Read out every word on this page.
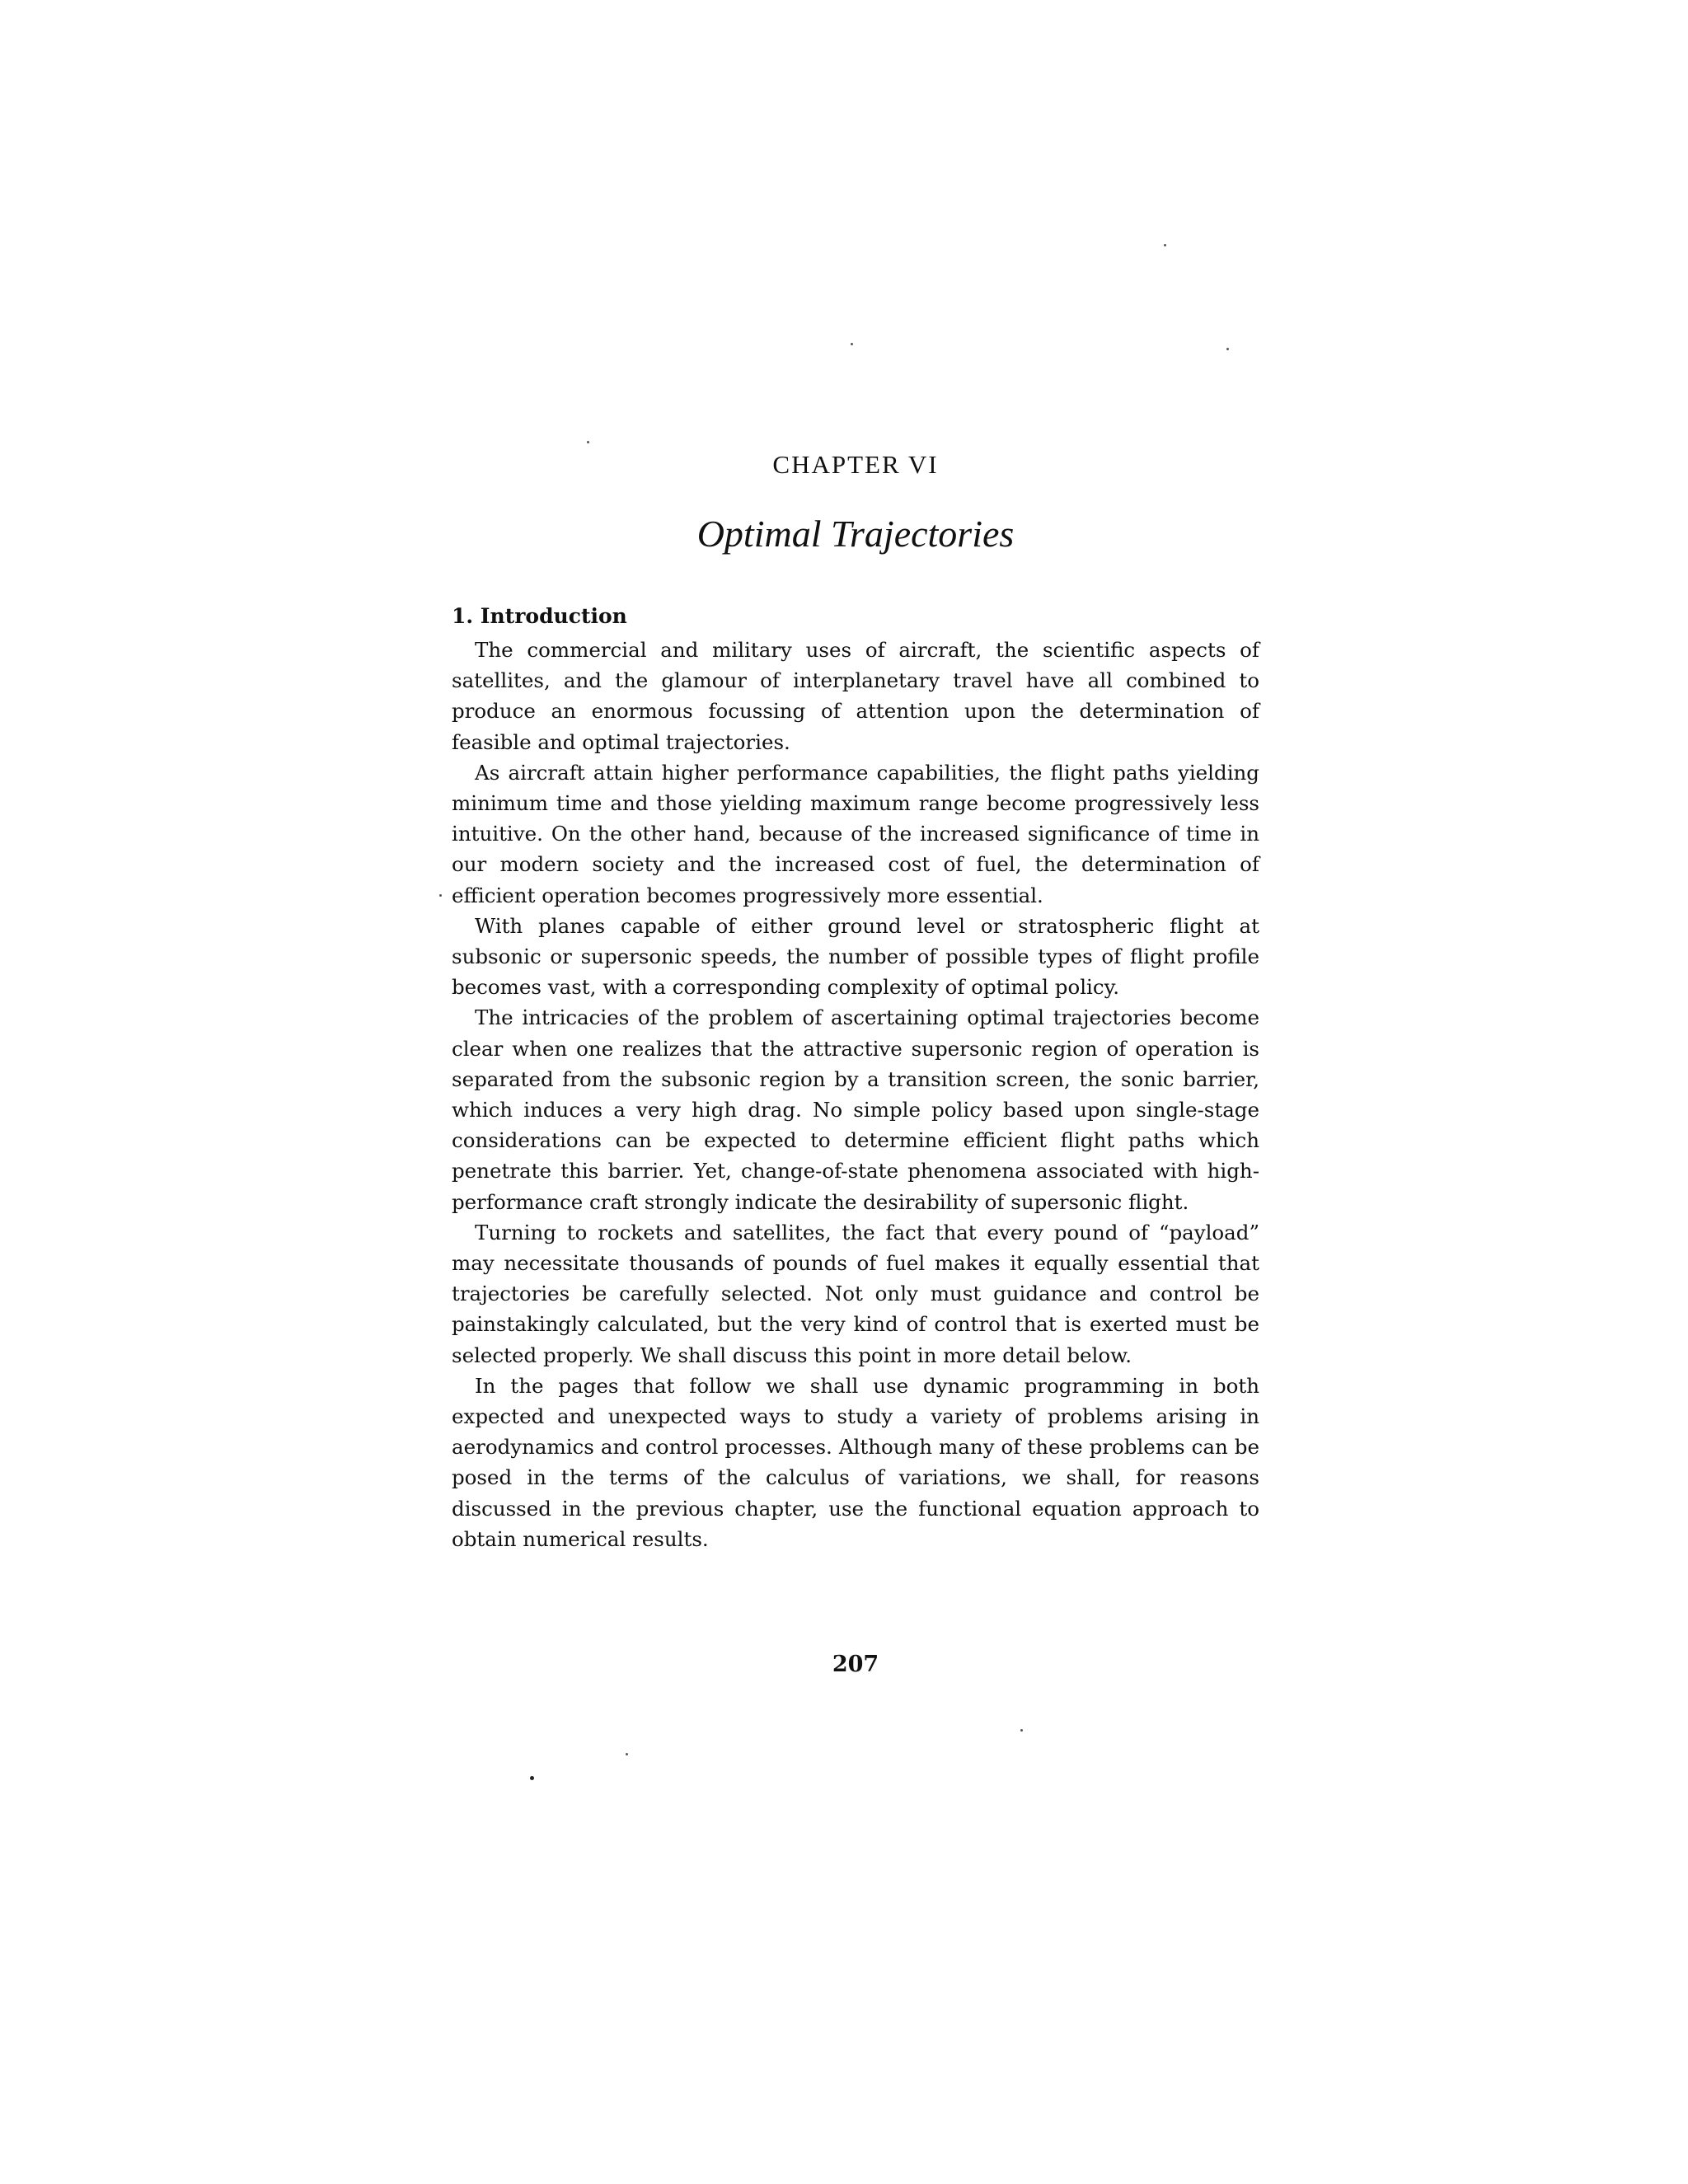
CHAPTER VI
Optimal Trajectories
1. Introduction

The commercial and military uses of aircraft, the scientific aspects of satellites, and the glamour of interplanetary travel have all combined to produce an enormous focussing of attention upon the determination of feasible and optimal trajectories.

As aircraft attain higher performance capabilities, the flight paths yielding minimum time and those yielding maximum range become progressively less intuitive. On the other hand, because of the increased significance of time in our modern society and the increased cost of fuel, the determination of efficient operation becomes progressively more essential.

With planes capable of either ground level or stratospheric flight at subsonic or supersonic speeds, the number of possible types of flight profile becomes vast, with a corresponding complexity of optimal policy.

The intricacies of the problem of ascertaining optimal trajectories become clear when one realizes that the attractive supersonic region of operation is separated from the subsonic region by a transition screen, the sonic barrier, which induces a very high drag. No simple policy based upon single-stage considerations can be expected to determine efficient flight paths which penetrate this barrier. Yet, change-of-state phenomena associated with high-performance craft strongly indicate the desirability of supersonic flight.

Turning to rockets and satellites, the fact that every pound of “payload” may necessitate thousands of pounds of fuel makes it equally essential that trajectories be carefully selected. Not only must guidance and control be painstakingly calculated, but the very kind of control that is exerted must be selected properly. We shall discuss this point in more detail below.

In the pages that follow we shall use dynamic programming in both expected and unexpected ways to study a variety of problems arising in aerodynamics and control processes. Although many of these problems can be posed in the terms of the calculus of variations, we shall, for reasons discussed in the previous chapter, use the functional equation approach to obtain numerical results.

207
